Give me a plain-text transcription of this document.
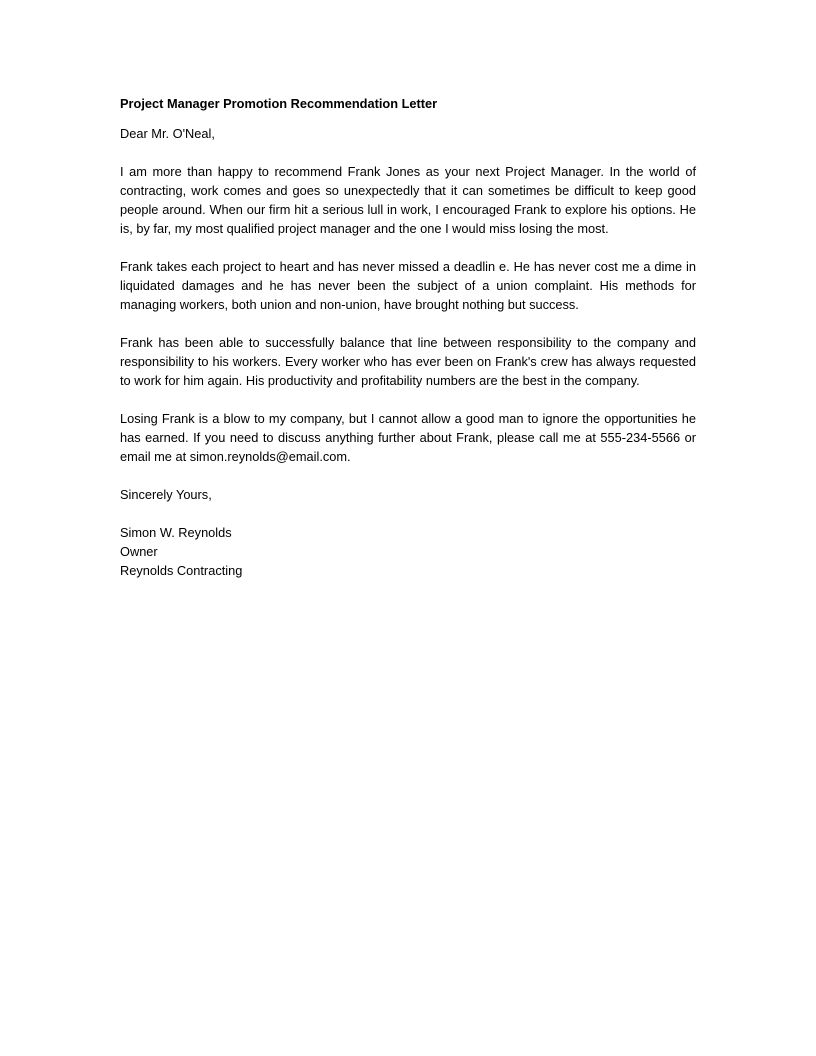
Project Manager Promotion Recommendation Letter
Dear Mr. O'Neal,

I am more than happy to recommend Frank Jones as your next Project Manager. In the world of contracting, work comes and goes so unexpectedly that it can sometimes be difficult to keep good people around. When our firm hit a serious lull in work, I encouraged Frank to explore his options. He is, by far, my most qualified project manager and the one I would miss losing the most.

Frank takes each project to heart and has never missed a deadlin e. He has never cost me a dime in liquidated damages and he has never been the subject of a union complaint. His methods for managing workers, both union and non-union, have brought nothing but success.

Frank has been able to successfully balance that line between responsibility to the company and responsibility to his workers. Every worker who has ever been on Frank's crew has always requested to work for him again. His productivity and profitability numbers are the best in the company.

Losing Frank is a blow to my company, but I cannot allow a good man to ignore the opportunities he has earned. If you need to discuss anything further about Frank, please call me at 555-234-5566 or email me at simon.reynolds@email.com.

Sincerely Yours,
Simon W. Reynolds
Owner
Reynolds Contracting
